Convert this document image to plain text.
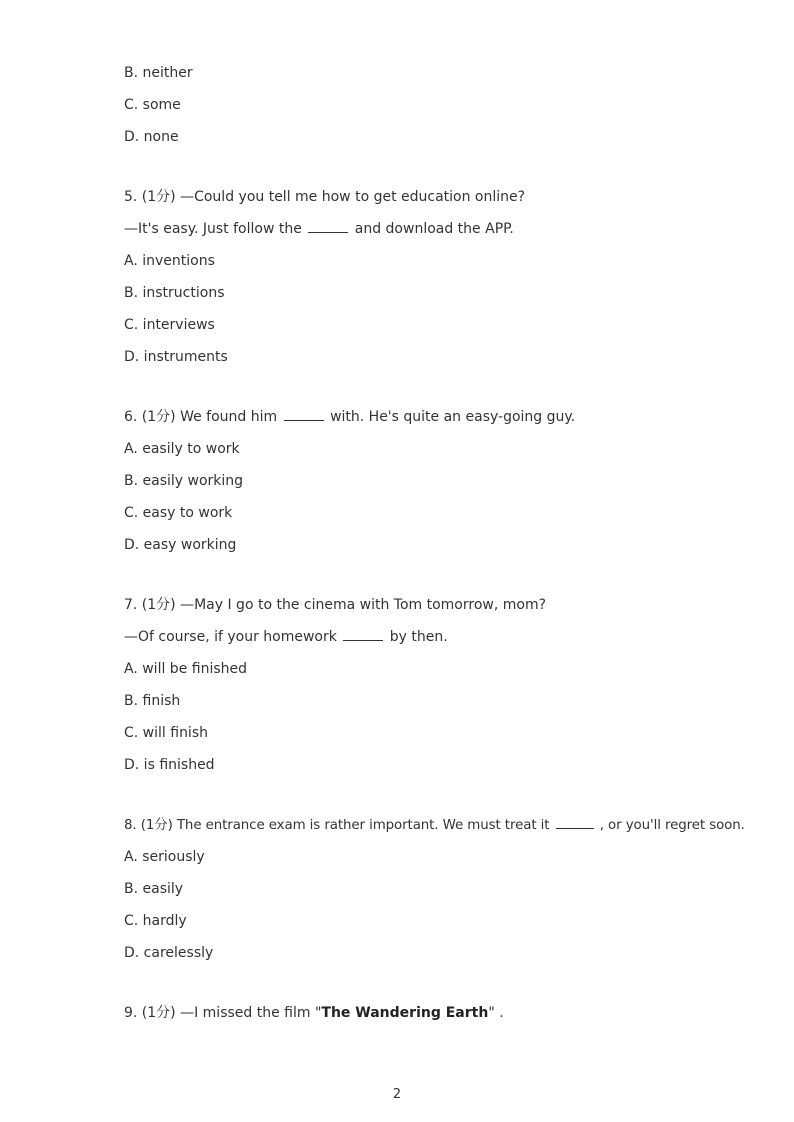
B. neither
C. some
D. none
5. (1分) —Could you tell me how to get education online?
—It's easy. Just follow the	and download the APP.
A. inventions
B. instructions
C. interviews
D. instruments
6. (1分) We found him	with. He's quite an easy-going guy.
A. easily to work
B. easily working
C. easy to work
D. easy working
7. (1分) —May I go to the cinema with Tom tomorrow, mom?
—Of course, if your homework	by then.
A. will be finished
B. finish
C. will finish
D. is finished
8. (1分) The entrance exam is rather important. We must treat it	, or you'll regret soon.
A. seriously
B. easily
C. hardly
D. carelessly
9. (1分) —I missed the film "The Wandering Earth" .
2
